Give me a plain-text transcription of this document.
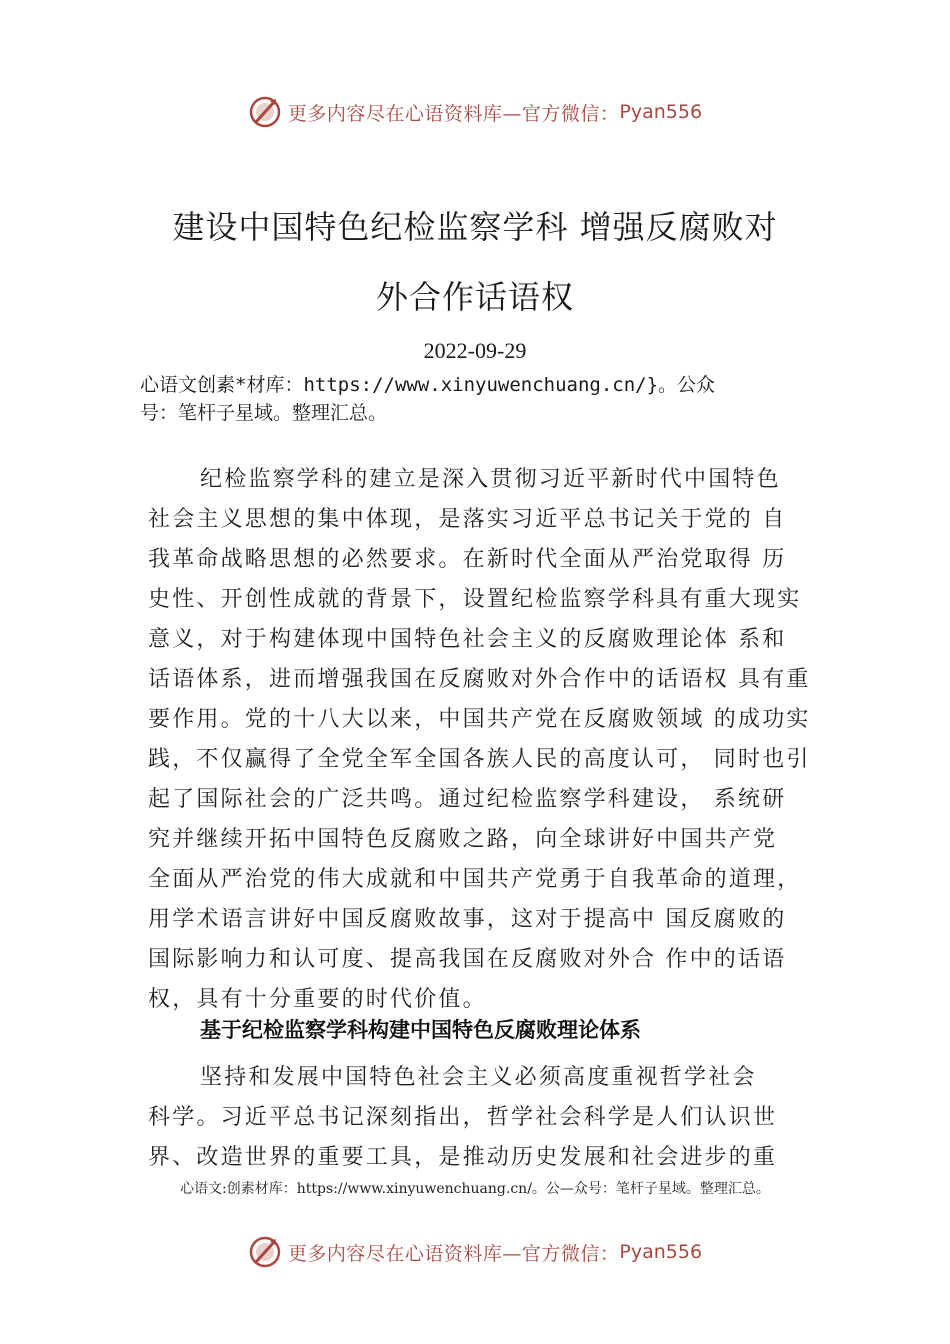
更多内容尽在心语资料库—官方微信： Pyan556
建设中国特色纪检监察学科 增强反腐败对
外合作话语权
2022-09-29
心语文创素*材库：https://www.xinyuwenchuang.cn/}。公众
号：笔杆子星域。整理汇总。
纪检监察学科的建立是深入贯彻习近平新时代中国特色
社会主义思想的集中体现，是落实习近平总书记关于党的 自
我革命战略思想的必然要求。在新时代全面从严治党取得 历
史性、开创性成就的背景下，设置纪检监察学科具有重大现实
意义，对于构建体现中国特色社会主义的反腐败理论体 系和
话语体系，进而增强我国在反腐败对外合作中的话语权 具有重
要作用。党的十八大以来，中国共产党在反腐败领域 的成功实
践，不仅赢得了全党全军全国各族人民的高度认可， 同时也引
起了国际社会的广泛共鸣。通过纪检监察学科建设， 系统研
究并继续开拓中国特色反腐败之路，向全球讲好中国共产党
全面从严治党的伟大成就和中国共产党勇于自我革命的道理，
用学术语言讲好中国反腐败故事，这对于提高中 国反腐败的
国际影响力和认可度、提高我国在反腐败对外合 作中的话语
权，具有十分重要的时代价值。
基于纪检监察学科构建中国特色反腐败理论体系
坚持和发展中国特色社会主义必须高度重视哲学社会
科学。习近平总书记深刻指出，哲学社会科学是人们认识世
界、改造世界的重要工具，是推动历史发展和社会进步的重
心语文:创素材库：https://www.xinyuwenchuang.cn/。公—众号：笔杆子星域。整理汇总。
更多内容尽在心语资料库—官方微信： Pyan556
